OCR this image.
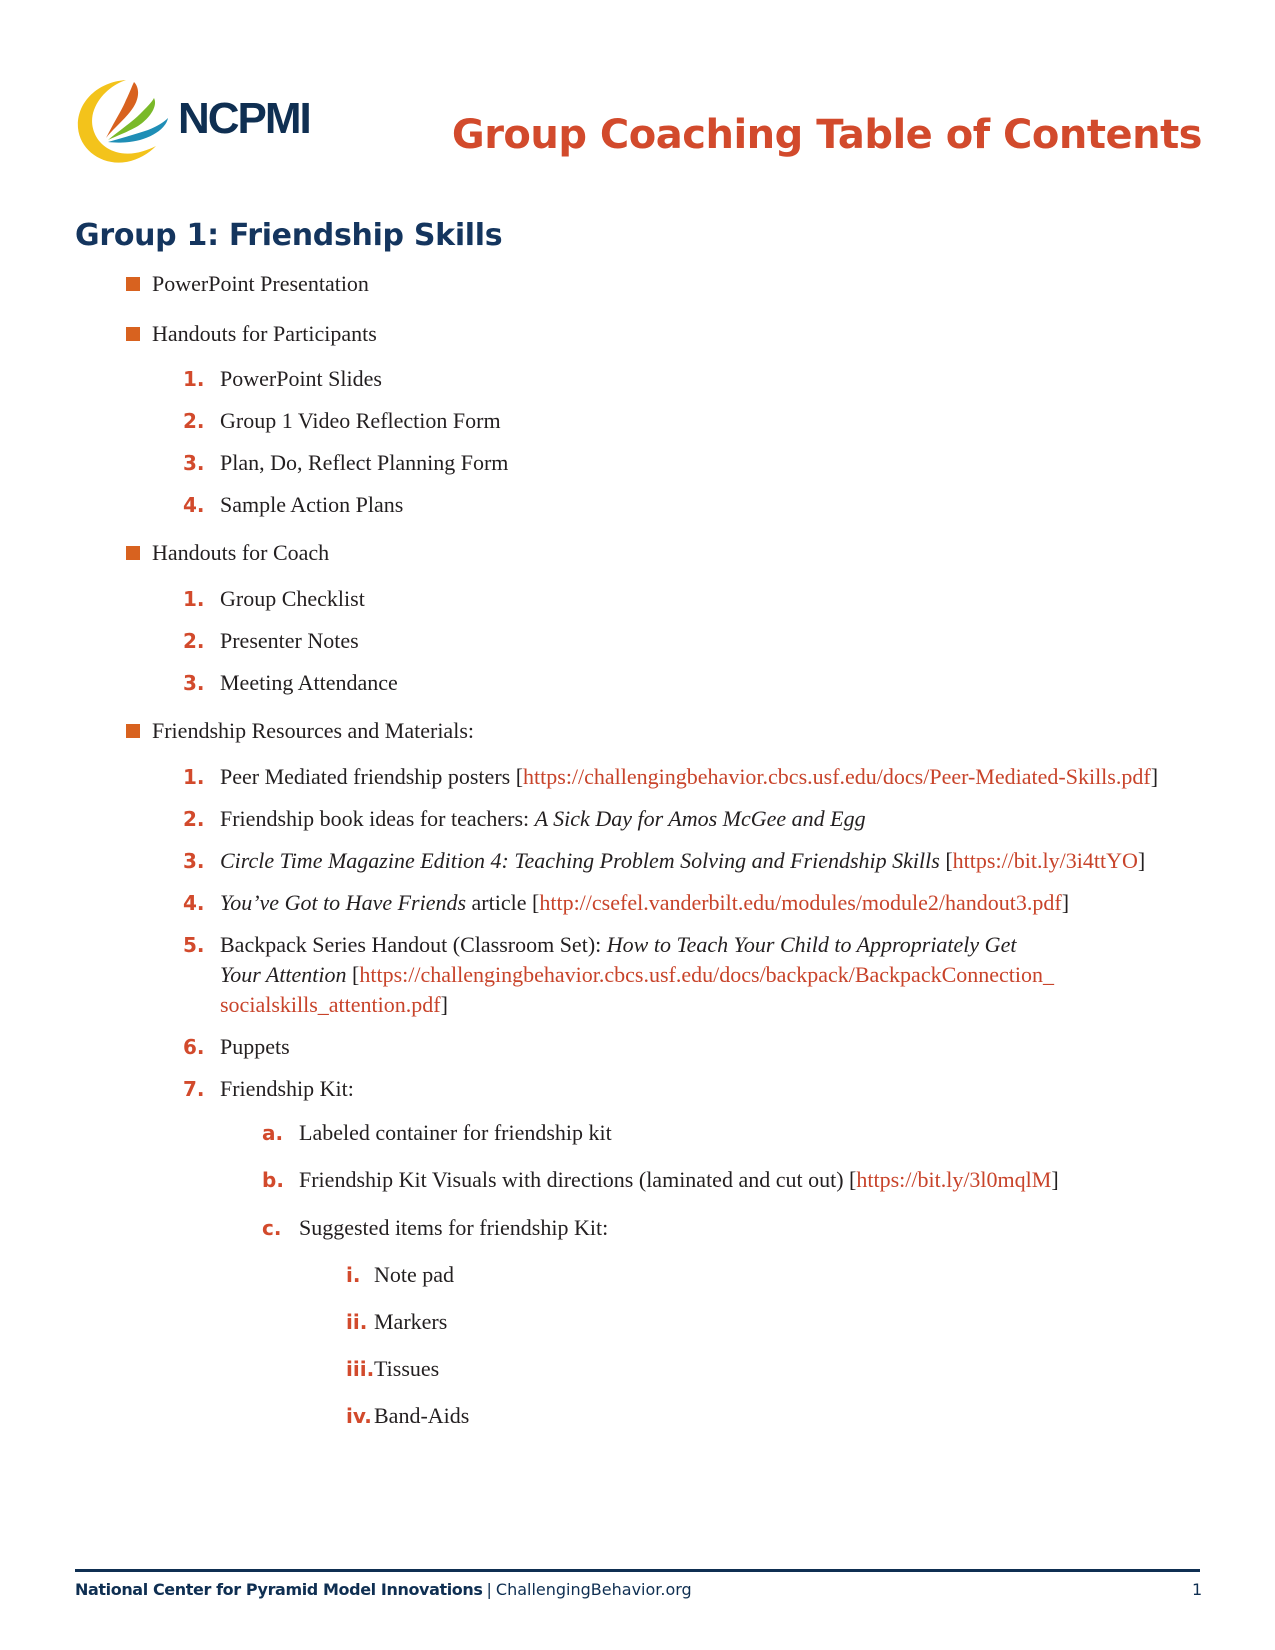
NCPMI	Group Coaching Table of Contents
Group 1: Friendship Skills
PowerPoint Presentation
Handouts for Participants
1. PowerPoint Slides
2. Group 1 Video Reflection Form
3. Plan, Do, Reflect Planning Form
4. Sample Action Plans
Handouts for Coach
1. Group Checklist
2. Presenter Notes
3. Meeting Attendance
Friendship Resources and Materials:
1. Peer Mediated friendship posters [https://challengingbehavior.cbcs.usf.edu/docs/Peer-Mediated-Skills.pdf]
2. Friendship book ideas for teachers: A Sick Day for Amos McGee and Egg
3. Circle Time Magazine Edition 4: Teaching Problem Solving and Friendship Skills [https://bit.ly/3i4ttYO]
4. You’ve Got to Have Friends article [http://csefel.vanderbilt.edu/modules/module2/handout3.pdf]
5. Backpack Series Handout (Classroom Set): How to Teach Your Child to Appropriately Get
Your Attention [https://challengingbehavior.cbcs.usf.edu/docs/backpack/BackpackConnection_
socialskills_attention.pdf]
6. Puppets
7. Friendship Kit:
a. Labeled container for friendship kit
b. Friendship Kit Visuals with directions (laminated and cut out) [https://bit.ly/3l0mqlM]
c. Suggested items for friendship Kit:
i. Note pad
ii. Markers
iii. Tissues
iv. Band-Aids
National Center for Pyramid Model Innovations | ChallengingBehavior.org	1
